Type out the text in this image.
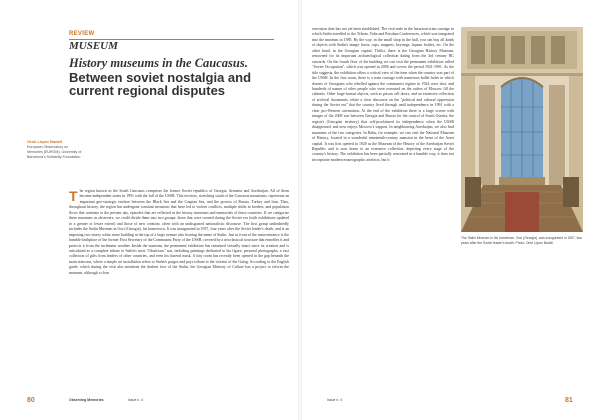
REVIEW
MUSEUM
History museums in the Caucasus.
Between soviet nostalgia and current regional disputes
Oriol López Badell
European Observatory on Memories (EUROM), University of Barcelona's Solidarity Foundation
The region known as the South Caucasus comprises the former Soviet republics of Georgia, Armenia and Azerbaijan. All of them became independent states in 1991 with the fall of the USSR. This territory, stretching south of the Caucasus mountains, represents an important geo-strategic enclave between the Black Sea and the Caspian Sea, and the powers of Russia, Turkey and Iran. Thus, throughout history, the region has undergone constant invasions that have led to violent conflicts, multiple shifts in borders, and population flows that continue to the present day, episodes that are reflected in the history museums and memorials of these countries. If we categorise these museums as observers, we could divide them into two groups: those that were created during the Soviet era (with exhibitions updated to a greater or lesser extent) and those of new creation, often with an undisguised nationalistic discourse. The first group undoubtedly includes the Stalin Museum in Gori (Georgia), his hometown. It was inaugurated in 1957, four years after the Soviet leader's death, and is an imposing two-storey white stone building at the top of a large avenue also bearing the name of Stalin. Just in front of the main entrance is the humble birthplace of the former First Secretary of the Communist Party of the USSR, covered by a neoclassical structure that ennobles it and protects it from the inclement weather. Inside the museum, the permanent exhibition has remained virtually intact since its creation and is articulated as a complete tribute to Stalin's most "illustrious" son, including paintings dedicated to his figure, personal photographs, a vast collection of gifts from leaders of other countries, and even his funeral mask. A tiny room has recently been opened in the gap beneath the main staircase, where a simple art installation refers to Stalin's purges and pays tribute to the victims of the Gulag. According to the English guide, which during the visit also mentions the darkest face of the Stalin, the Georgian Ministry of Culture has a project to reform the museum, although a clear
80	Observing Memories	Issue n. 4
execution date has not yet been established. The visit ends in the luxurious train carriage in which Stalin travelled to the Tehran, Yalta and Potsdam Conferences, which was integrated into the museum in 1985. By the way, in the small shop in the hall, you can buy all kinds of objects with Stalin's image: busts, cups, magnets, keyrings, liqueur bottles, etc. On the other hand, in the Georgian capital, Tbilisi, there is the Georgian History Museum, renowned for its important archaeological collection dating from the 3rd century BC onwards. On the fourth floor of the building we can visit the permanent exhibition called "Soviet Occupation", which was opened in 2006 and covers the period 1921-1991. As the title suggests, the exhibition offers a critical view of the time when the country was part of the USSR. In the first room, there is a train carriage with numerous bullet holes in which dozens of Georgians who rebelled against the communist regime in 1924 were shot, and hundreds of names of other people who were executed on the orders of Moscow fill the cabinets. Other large-format objects, such as prison cell doors, and an extensive collection of archival documents, relate a clear discourse on the "political and cultural oppression during the Soviet era" that the country lived through until independence in 1991 with a clear pro-Western orientation. At the end of the exhibition there is a large screen with images of the 2008 war between Georgia and Russia for the control of South Ossetia, the region's (Georgian territory) that self-proclaimed its independence when the USSR disappeared, and now enjoys Moscow's support. In neighbouring Azerbaijan, we also find museums of the two categories. In Baku, for example, we can visit the National Museum of History, located in a wonderful nineteenth-century mansion in the heart of the Azeri capital. It was first opened in 1920 as the Museum of the History of the Azerbaijan Soviet Republic and is now home to an extensive collection, depicting every stage of the country's history. The exhibition has been partially renovated in a humble way, it does not incorporate modern museographic artefacts, but it
The Stalin Museum in his hometown, Gori (Georgia), was inaugurated in 1957, four years after the Soviet leader's death. Photo: Oriol López Badell
Issue n. 4	81
